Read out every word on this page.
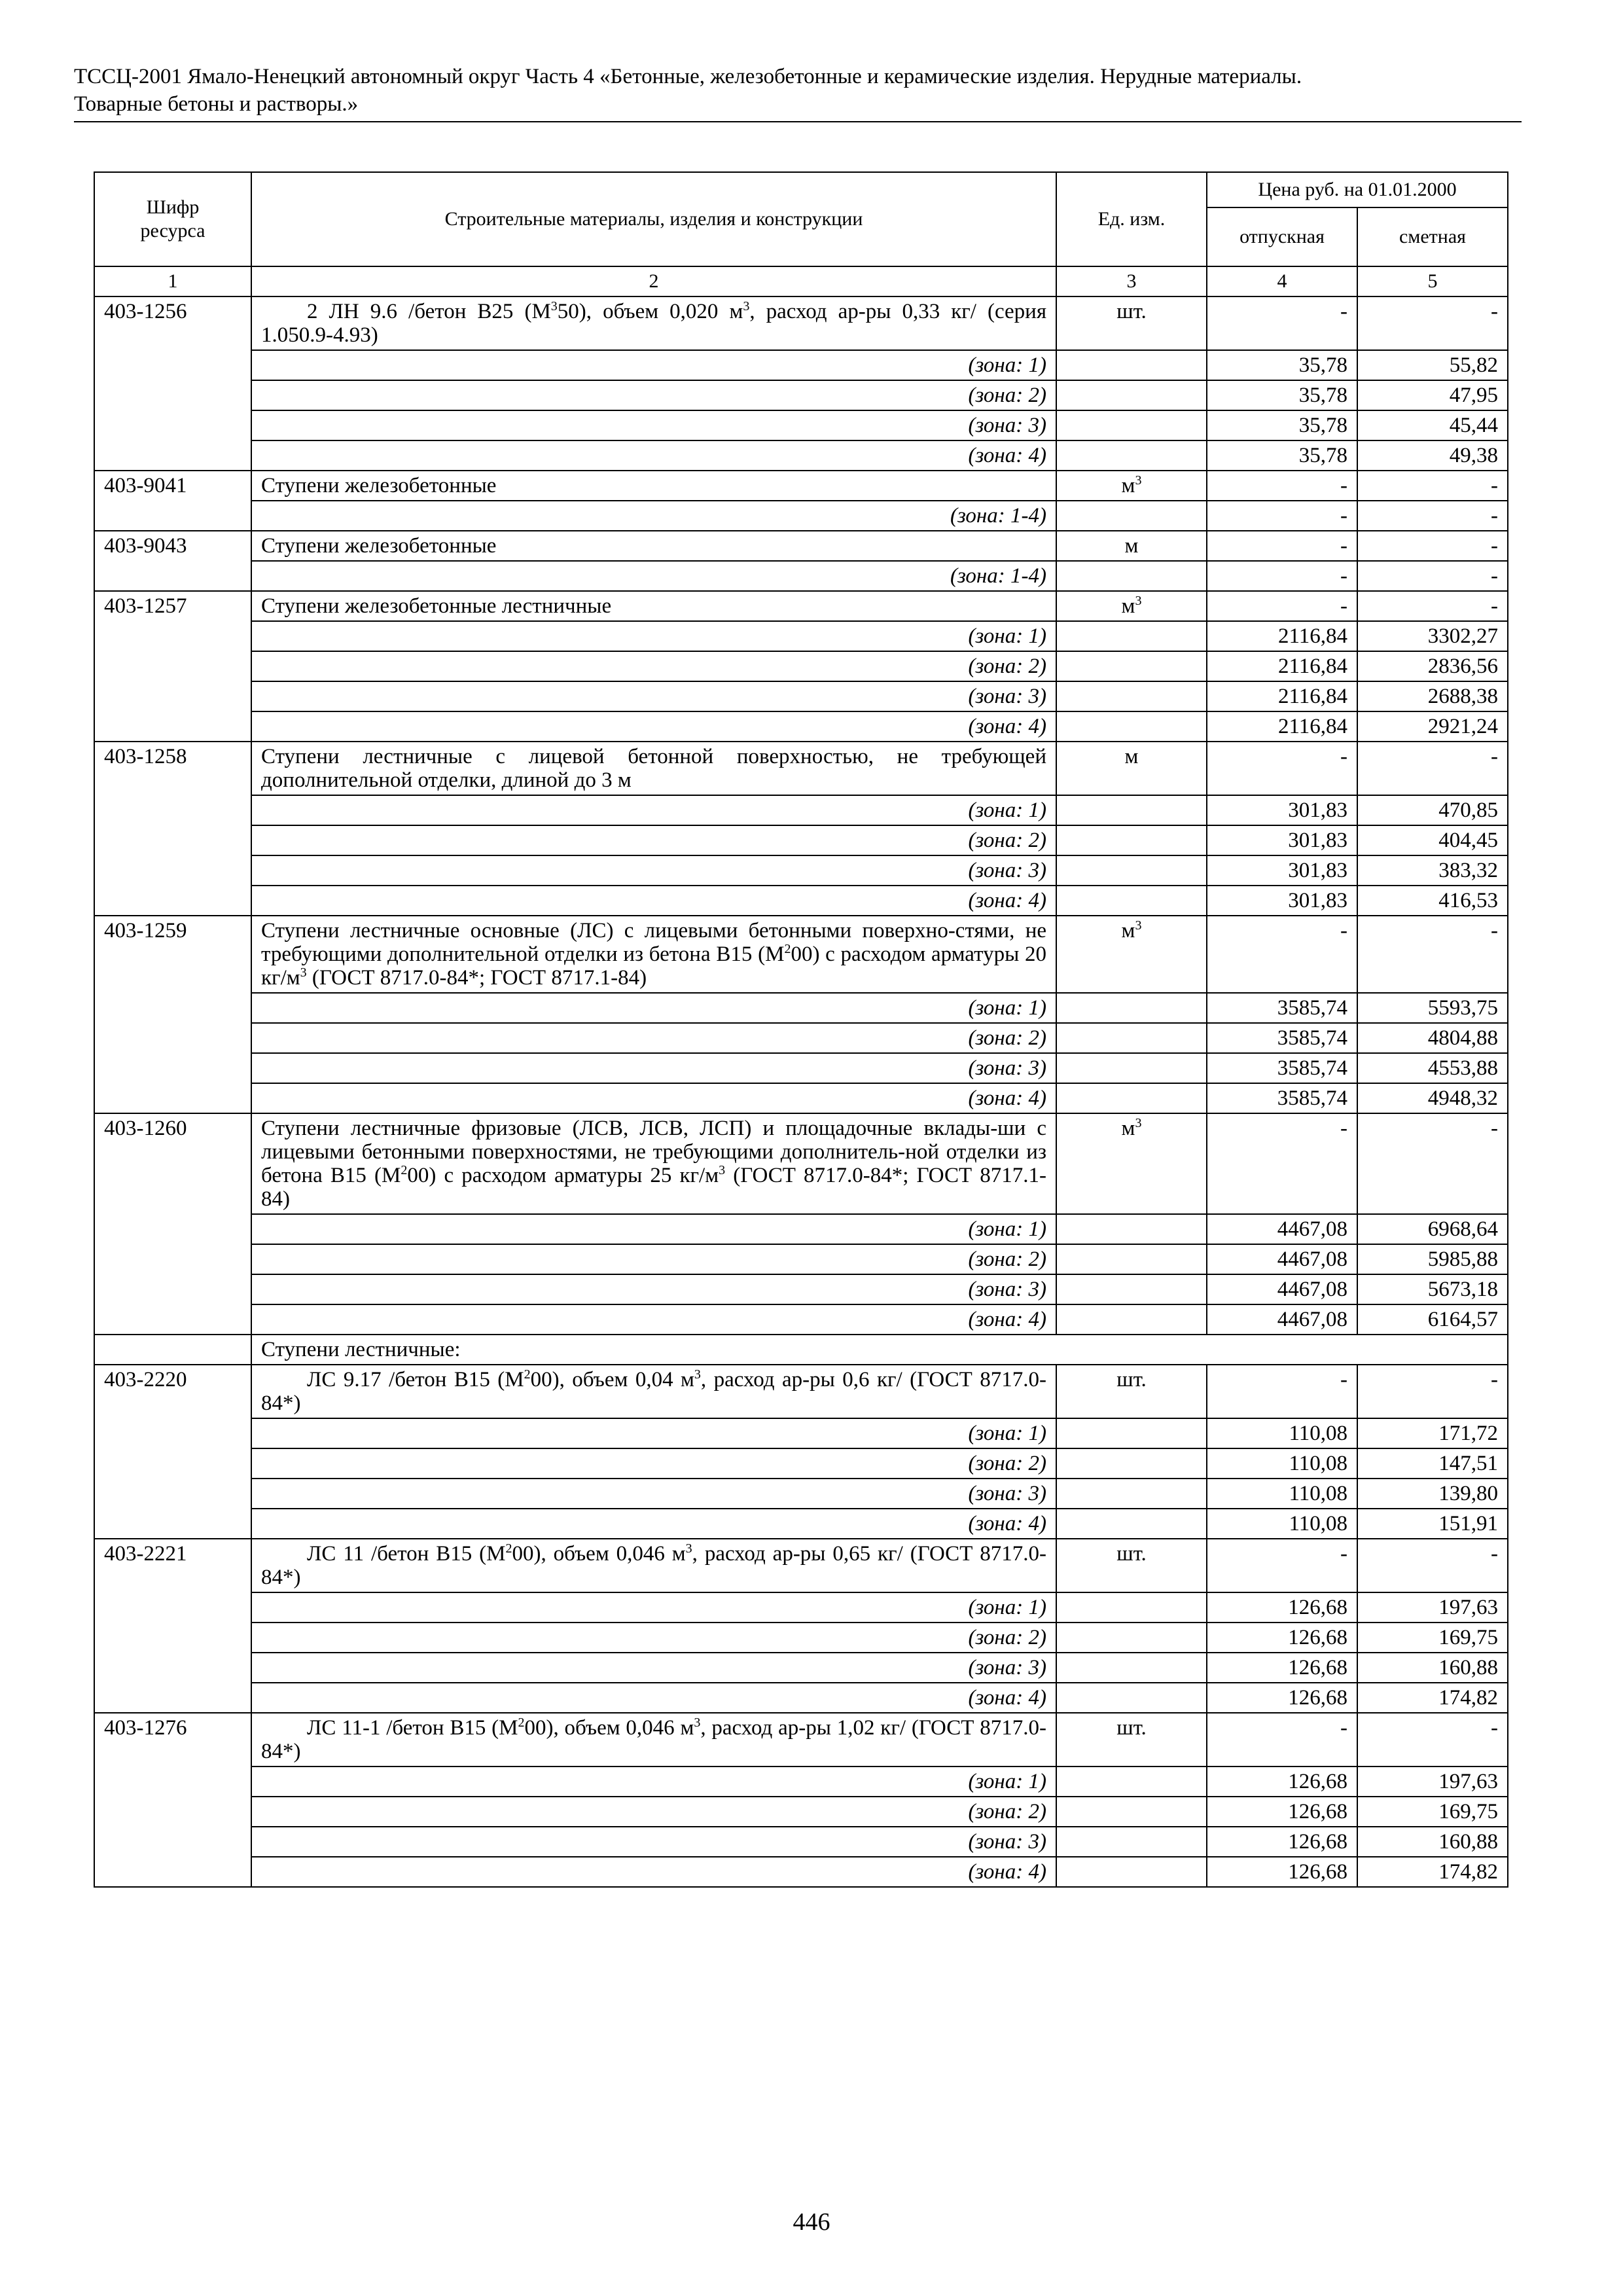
ТССЦ-2001 Ямало-Ненецкий автономный округ Часть 4 «Бетонные, железобетонные и керамические изделия. Нерудные материалы.
Товарные бетоны и растворы.»
Шифр ресурса	Строительные материалы, изделия и конструкции	Ед. изм.	Цена руб. на 01.01.2000	
			отпускная	сметная
1	2	3	4	5
403-1256	2 ЛН 9.6 /бетон В25 $(М^350)$, объем 0,020 $м^3$, расход ар-ры 0,33 кг/ (серия 1.050.9-4.93)	шт.	-	-
	(зона: 1)		35,78	55,82
	(зона: 2)		35,78	47,95
	(зона: 3)		35,78	45,44
	(зона: 4)		35,78	49,38
403-9041	Ступени железобетонные	$м^3$	-	-
	(зона: 1-4)		-	-
403-9043	Ступени железобетонные	м	-	-
	(зона: 1-4)		-	-
403-1257	Ступени железобетонные лестничные	$м^3$	-	-
	(зона: 1)		2116,84	3302,27
	(зона: 2)		2116,84	2836,56
	(зона: 3)		2116,84	2688,38
	(зона: 4)		2116,84	2921,24
403-1258	Ступени лестничные с лицевой бетонной поверхностью, не требующей дополнительной отделки, длиной до 3 м	м	-	-
	(зона: 1)		301,83	470,85
	(зона: 2)		301,83	404,45
	(зона: 3)		301,83	383,32
	(зона: 4)		301,83	416,53
403-1259	Ступени лестничные основные (ЛС) с лицевыми бетонными поверхно-стями, не требующими дополнительной отделки из бетона В15 $(М^200)$ с расходом арматуры 20 $кг/м^3$ (ГОСТ 8717.0-84*; ГОСТ 8717.1-84)	$м^3$	-	-
	(зона: 1)		3585,74	5593,75
	(зона: 2)		3585,74	4804,88
	(зона: 3)		3585,74	4553,88
	(зона: 4)		3585,74	4948,32
403-1260	Ступени лестничные фризовые (ЛСВ, ЛСВ, ЛСП) и площадочные вклады-ши с лицевыми бетонными поверхностями, не требующими дополнитель-ной отделки из бетона В15 $(М^200)$ с расходом арматуры 25 $кг/м^3$ (ГОСТ 8717.0-84*; ГОСТ 8717.1-84)	$м^3$	-	-
	(зона: 1)		4467,08	6968,64
	(зона: 2)		4467,08	5985,88
	(зона: 3)		4467,08	5673,18
	(зона: 4)		4467,08	6164,57
	Ступени лестничные:			
403-2220	ЛС 9.17 /бетон В15 $(М^200)$, объем 0,04 $м^3$, расход ар-ры 0,6 кг/ (ГОСТ 8717.0-84*)	шт.	-	-
	(зона: 1)		110,08	171,72
	(зона: 2)		110,08	147,51
	(зона: 3)		110,08	139,80
	(зона: 4)		110,08	151,91
403-2221	ЛС 11 /бетон В15 $(М^200)$, объем 0,046 $м^3$, расход ар-ры 0,65 кг/ (ГОСТ 8717.0-84*)	шт.	-	-
	(зона: 1)		126,68	197,63
	(зона: 2)		126,68	169,75
	(зона: 3)		126,68	160,88
	(зона: 4)		126,68	174,82
403-1276	ЛС 11-1 /бетон В15 $(М^200)$, объем 0,046 $м^3$, расход ар-ры 1,02 кг/ (ГОСТ 8717.0-84*)	шт.	-	-
	(зона: 1)		126,68	197,63
	(зона: 2)		126,68	169,75
	(зона: 3)		126,68	160,88
	(зона: 4)		126,68	174,82
446
